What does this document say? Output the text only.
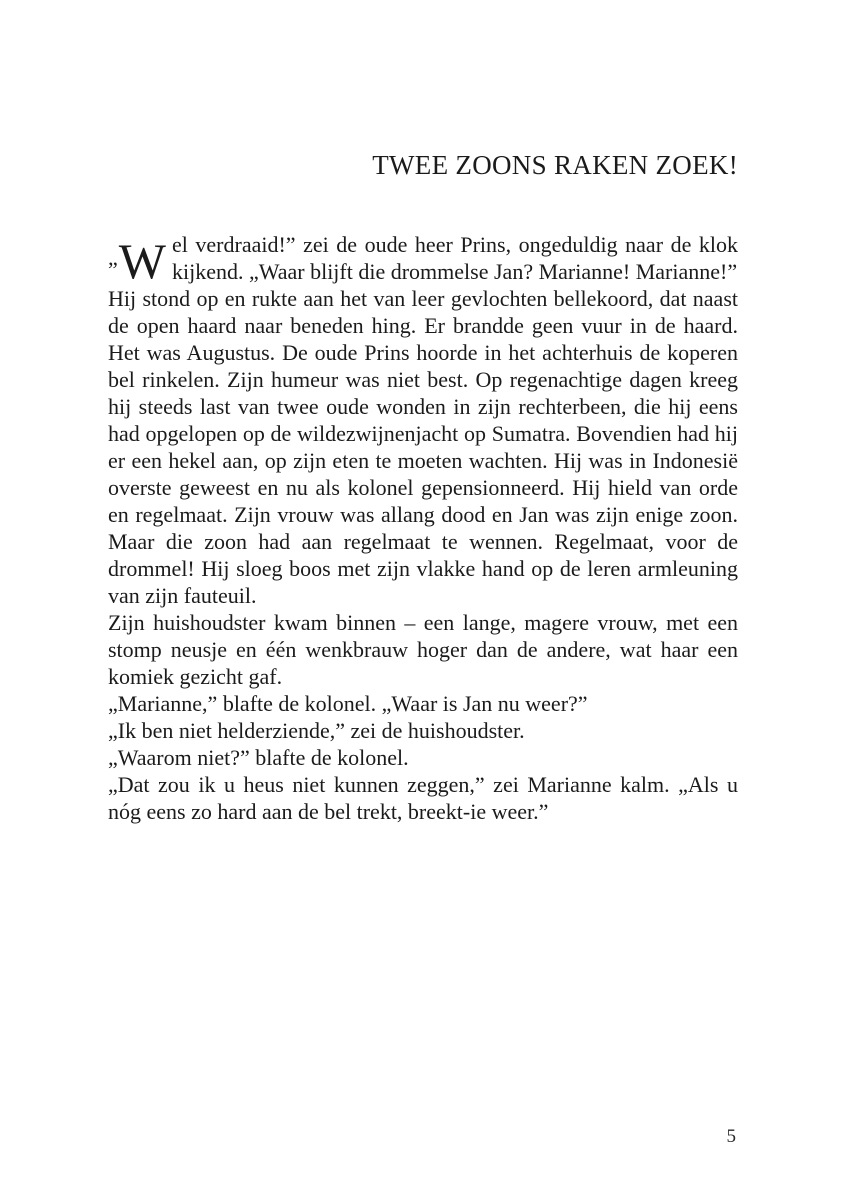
TWEE ZOONS RAKEN ZOEK!

„W el verdraaid!” zei de oude heer Prins, ongeduldig naar de klok kijkend. „Waar blijft die drommelse Jan? Marianne! Marianne!”

Hij stond op en rukte aan het van leer gevlochten bellekoord, dat naast de open haard naar beneden hing. Er brandde geen vuur in de haard. Het was Augustus. De oude Prins hoorde in het achterhuis de koperen bel rinkelen. Zijn humeur was niet best. Op regenachtige dagen kreeg hij steeds last van twee oude wonden in zijn rechterbeen, die hij eens had opgelopen op de wildezwijnenjacht op Sumatra. Bovendien had hij er een hekel aan, op zijn eten te moeten wachten. Hij was in Indonesië overste geweest en nu als kolonel gepensionneerd. Hij hield van orde en regelmaat. Zijn vrouw was allang dood en Jan was zijn enige zoon. Maar die zoon had aan regelmaat te wennen. Regelmaat, voor de drommel! Hij sloeg boos met zijn vlakke hand op de leren armleuning van zijn fauteuil.

Zijn huishoudster kwam binnen – een lange, magere vrouw, met een stomp neusje en één wenkbrauw hoger dan de andere, wat haar een komiek gezicht gaf.

„Marianne,” blafte de kolonel. „Waar is Jan nu weer?”

„Ik ben niet helderziende,” zei de huishoudster.

„Waarom niet?” blafte de kolonel.

„Dat zou ik u heus niet kunnen zeggen,” zei Marianne kalm. „Als u nóg eens zo hard aan de bel trekt, breekt-ie weer.”

5
